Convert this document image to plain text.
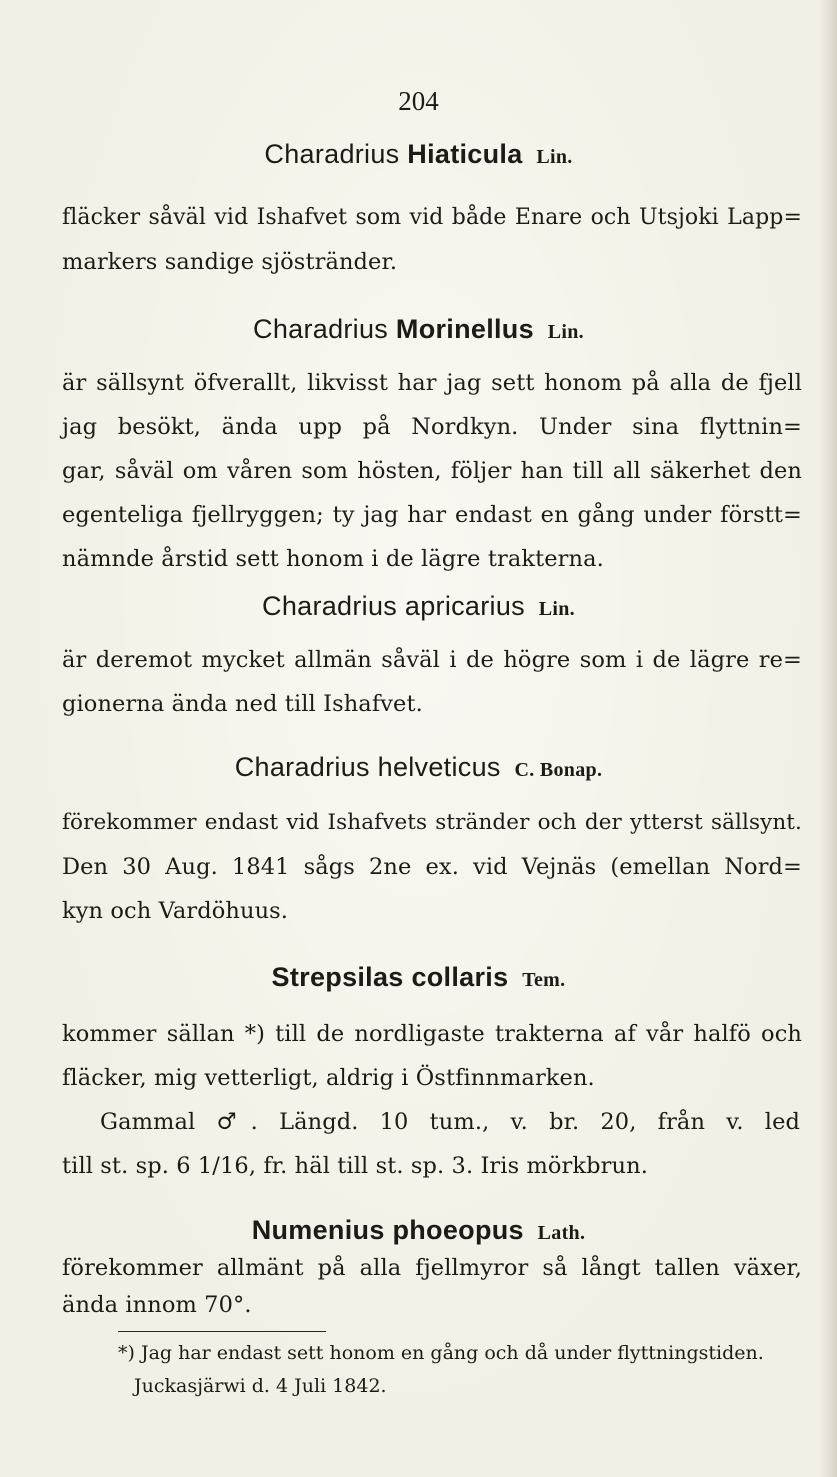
204
Charadrius Hiaticula Lin.
fläcker såväl vid Ishafvet som vid både Enare och Utsjoki Lapp=
markers sandige sjöstränder.
Charadrius Morinellus Lin.
är sällsynt öfverallt, likvisst har jag sett honom på alla de fjell
jag besökt, ända upp på Nordkyn. Under sina flyttnin=
gar, såväl om våren som hösten, följer han till all säkerhet den
egenteliga fjellryggen; ty jag har endast en gång under förstt=
nämnde årstid sett honom i de lägre trakterna.
Charadrius apricarius Lin.
är deremot mycket allmän såväl i de högre som i de lägre re=
gionerna ända ned till Ishafvet.
Charadrius helveticus C. Bonap.
förekommer endast vid Ishafvets stränder och der ytterst sällsynt.
Den 30 Aug. 1841 sågs 2ne ex. vid Vejnäs (emellan Nord=
kyn och Vardöhuus.
Strepsilas collaris Tem.
kommer sällan *) till de nordligaste trakterna af vår halfö och
fläcker, mig vetterligt, aldrig i Östfinnmarken.
Gammal ♂. Längd. 10 tum., v. br. 20, från v. led
till st. sp. 6 1/16, fr. häl till st. sp. 3. Iris mörkbrun.
Numenius phoeopus Lath.
förekommer allmänt på alla fjellmyror så långt tallen växer,
ända innom 70°.
*) Jag har endast sett honom en gång och då under flyttningstiden.
Juckasjärwi d. 4 Juli 1842.
